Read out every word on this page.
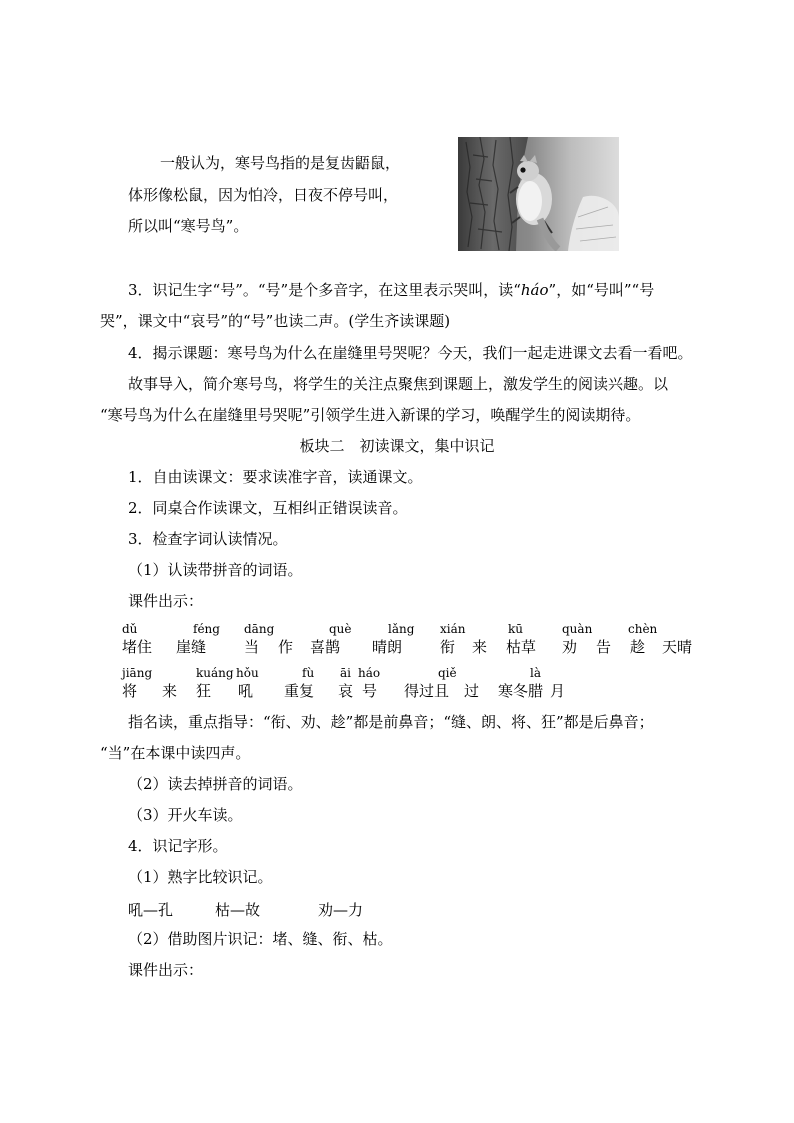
一般认为，寒号鸟指的是复齿鼯鼠，
体形像松鼠，因为怕冷，日夜不停号叫，
所以叫“寒号鸟”。
3．识记生字“号”。“号”是个多音字，在这里表示哭叫，读“háo”，如“号叫”“号
哭”，课文中“哀号”的“号”也读二声。(学生齐读课题)
4．揭示课题：寒号鸟为什么在崖缝里号哭呢？今天，我们一起走进课文去看一看吧。
故事导入，简介寒号鸟，将学生的关注点聚焦到课题上，激发学生的阅读兴趣。以
“寒号鸟为什么在崖缝里号哭呢”引领学生进入新课的学习，唤醒学生的阅读期待。
板块二　初读课文，集中识记
1．自由读课文：要求读准字音，读通课文。
2．同桌合作读课文，互相纠正错误读音。
3．检查字词认读情况。
（1）认读带拼音的词语。
课件出示：
dǔ	féng dāng	què	lǎng xián	kū	quàn	chèn
堵住 崖缝	当 作 喜鹊 晴朗	衔 来 枯草 劝 告 趁 天晴
jiāng	kuáng hǒu	fù āi háo	qiě	là
将 来 狂 吼 重复 哀 号 得过且 过 寒冬腊 月
指名读，重点指导：“衔、劝、趁”都是前鼻音；“缝、朗、将、狂”都是后鼻音；
“当”在本课中读四声。
（2）读去掉拼音的词语。
（3）开火车读。
4．识记字形。
（1）熟字比较识记。
吼—孔	枯—故	劝—力
（2）借助图片识记：堵、缝、衔、枯。
课件出示：
